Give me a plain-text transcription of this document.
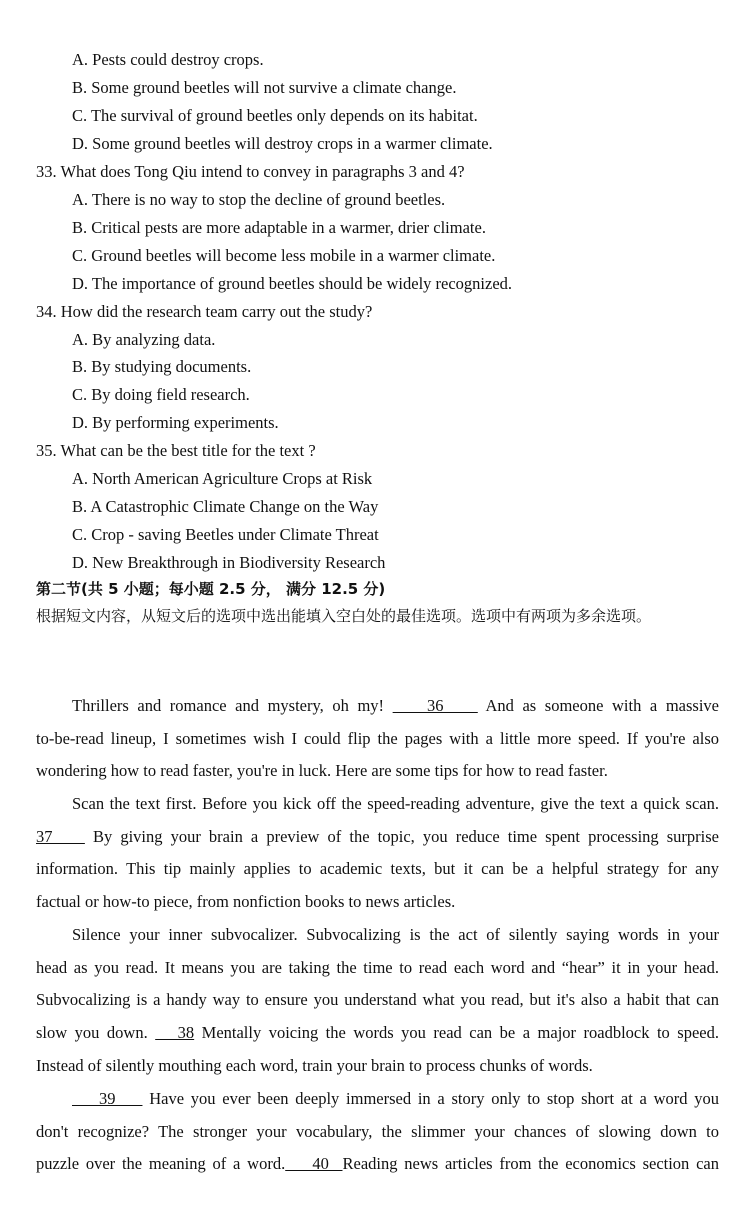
A. Pests could destroy crops.
B. Some ground beetles will not survive a climate change.
C. The survival of ground beetles only depends on its habitat.
D. Some ground beetles will destroy crops in a warmer climate.
33. What does Tong Qiu intend to convey in paragraphs 3 and 4?
A. There is no way to stop the decline of ground beetles.
B. Critical pests are more adaptable in a warmer, drier climate.
C. Ground beetles will become less mobile in a warmer climate.
D. The importance of ground beetles should be widely recognized.
34. How did the research team carry out the study?
A. By analyzing data.
B. By studying documents.
C. By doing field research.
D. By performing experiments.
35. What can be the best title for the text ?
A. North American Agriculture Crops at Risk
B. A Catastrophic Climate Change on the Way
C. Crop - saving Beetles under Climate Threat
D. New Breakthrough in Biodiversity Research
第二节(共 5 小题；每小题 2.5 分， 满分 12.5 分)
根据短文内容，从短文后的选项中选出能填入空白处的最佳选项。选项中有两项为多余选项。
Thrillers and romance and mystery, oh my!     36     And as someone with a massive
to-be-read lineup, I sometimes wish I could flip the pages with a little more speed. If you're also
wondering how to read faster, you're in luck. Here are some tips for how to read faster.
Scan the text first. Before you kick off the speed-reading adventure, give the text a quick scan.
37     By giving your brain a preview of the topic, you reduce time spent processing surprise
information. This tip mainly applies to academic texts, but it can be a helpful strategy for any
factual or how-to piece, from nonfiction books to news articles.
Silence your inner subvocalizer. Subvocalizing is the act of silently saying words in your
head as you read. It means you are taking the time to read each word and “hear” it in your head.
Subvocalizing is a handy way to ensure you understand what you read, but it's also a habit that can
slow you down.    38 Mentally voicing the words you read can be a major roadblock to speed.
Instead of silently mouthing each word, train your brain to process chunks of words.
39     Have you ever been deeply immersed in a story only to stop short at a word you
don't recognize? The stronger your vocabulary, the slimmer your chances of slowing down to
puzzle over the meaning of a word.    40  Reading news articles from the economics section can
